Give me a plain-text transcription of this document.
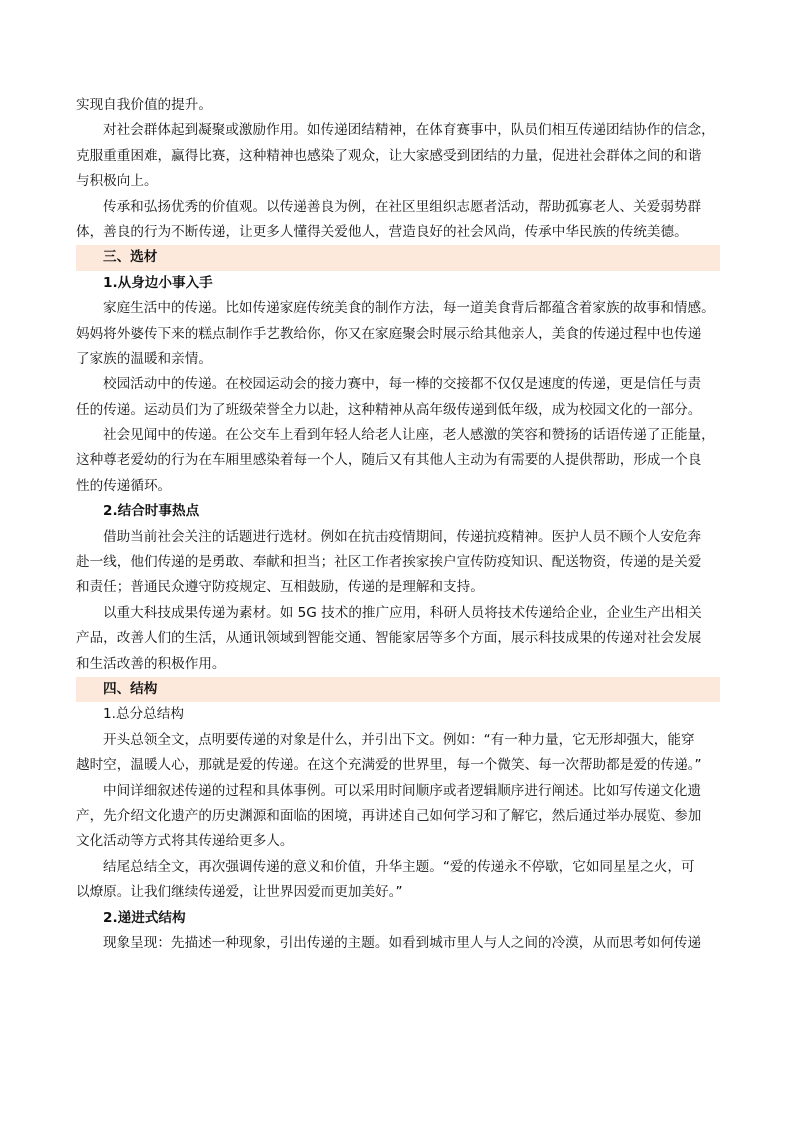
实现自我价值的提升。
对社会群体起到凝聚或激励作用。如传递团结精神，在体育赛事中，队员们相互传递团结协作的信念，
克服重重困难，赢得比赛，这种精神也感染了观众，让大家感受到团结的力量，促进社会群体之间的和谐
与积极向上。
传承和弘扬优秀的价值观。以传递善良为例，在社区里组织志愿者活动，帮助孤寡老人、关爱弱势群
体，善良的行为不断传递，让更多人懂得关爱他人，营造良好的社会风尚，传承中华民族的传统美德。
三、选材
1.从身边小事入手
家庭生活中的传递。比如传递家庭传统美食的制作方法，每一道美食背后都蕴含着家族的故事和情感。
妈妈将外婆传下来的糕点制作手艺教给你，你又在家庭聚会时展示给其他亲人，美食的传递过程中也传递
了家族的温暖和亲情。
校园活动中的传递。在校园运动会的接力赛中，每一棒的交接都不仅仅是速度的传递，更是信任与责
任的传递。运动员们为了班级荣誉全力以赴，这种精神从高年级传递到低年级，成为校园文化的一部分。
社会见闻中的传递。在公交车上看到年轻人给老人让座，老人感激的笑容和赞扬的话语传递了正能量，
这种尊老爱幼的行为在车厢里感染着每一个人，随后又有其他人主动为有需要的人提供帮助，形成一个良
性的传递循环。
2.结合时事热点
借助当前社会关注的话题进行选材。例如在抗击疫情期间，传递抗疫精神。医护人员不顾个人安危奔
赴一线，他们传递的是勇敢、奉献和担当；社区工作者挨家挨户宣传防疫知识、配送物资，传递的是关爱
和责任；普通民众遵守防疫规定、互相鼓励，传递的是理解和支持。
以重大科技成果传递为素材。如 5G 技术的推广应用，科研人员将技术传递给企业，企业生产出相关
产品，改善人们的生活，从通讯领域到智能交通、智能家居等多个方面，展示科技成果的传递对社会发展
和生活改善的积极作用。
四、结构
1.总分总结构
开头总领全文，点明要传递的对象是什么，并引出下文。例如：“有一种力量，它无形却强大，能穿
越时空，温暖人心，那就是爱的传递。在这个充满爱的世界里，每一个微笑、每一次帮助都是爱的传递。”
中间详细叙述传递的过程和具体事例。可以采用时间顺序或者逻辑顺序进行阐述。比如写传递文化遗
产，先介绍文化遗产的历史渊源和面临的困境，再讲述自己如何学习和了解它，然后通过举办展览、参加
文化活动等方式将其传递给更多人。
结尾总结全文，再次强调传递的意义和价值，升华主题。“爱的传递永不停歇，它如同星星之火，可
以燎原。让我们继续传递爱，让世界因爱而更加美好。”
2.递进式结构
现象呈现：先描述一种现象，引出传递的主题。如看到城市里人与人之间的冷漠，从而思考如何传递
